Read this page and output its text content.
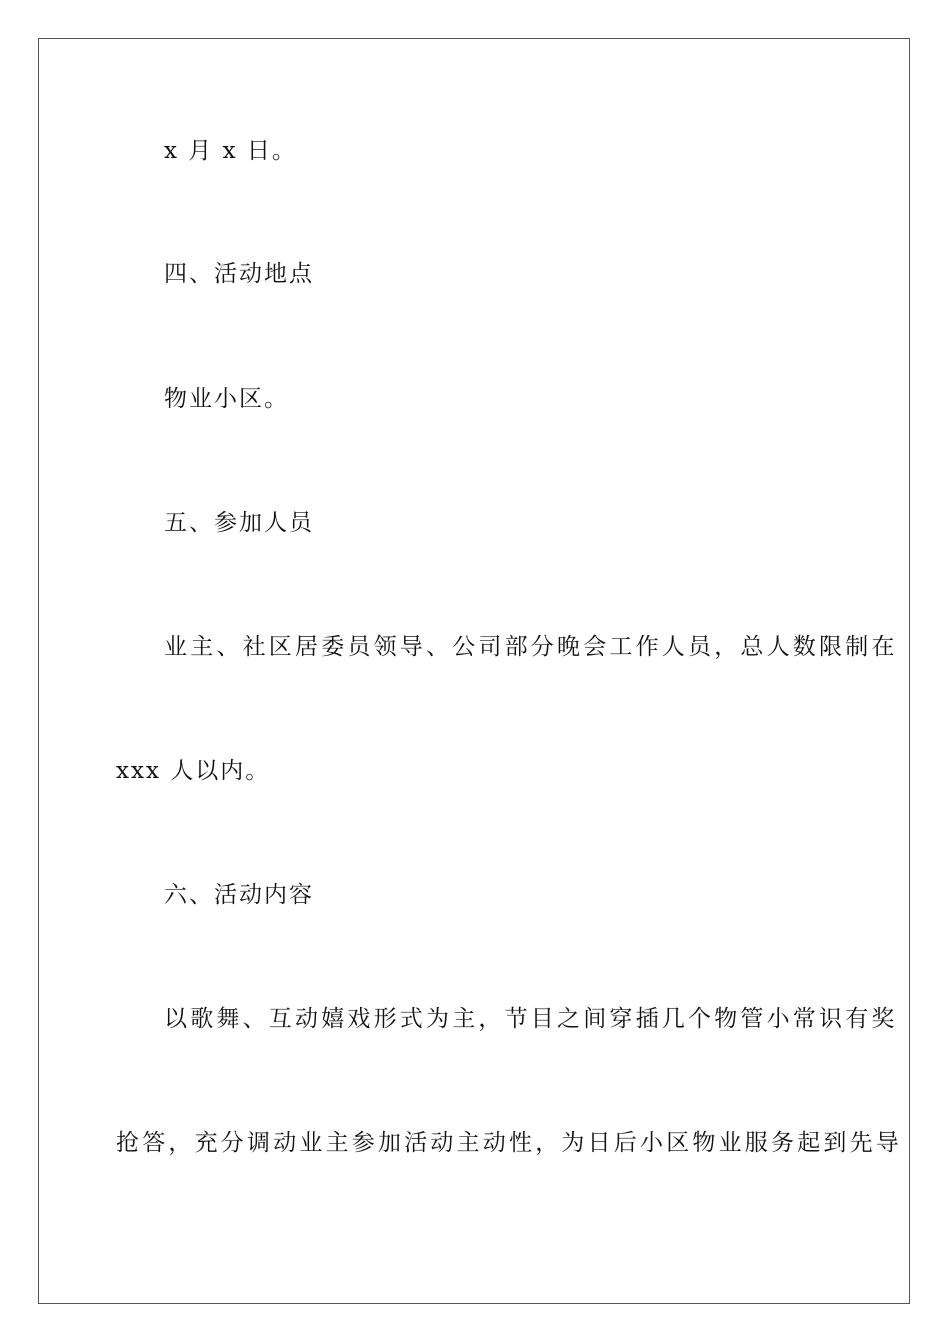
x 月 x 日。
四、活动地点
物业小区。
五、参加人员
业主、社区居委员领导、公司部分晚会工作人员，总人数限制在
xxx 人以内。
六、活动内容
以歌舞、互动嬉戏形式为主，节目之间穿插几个物管小常识有奖
抢答，充分调动业主参加活动主动性，为日后小区物业服务起到先导
